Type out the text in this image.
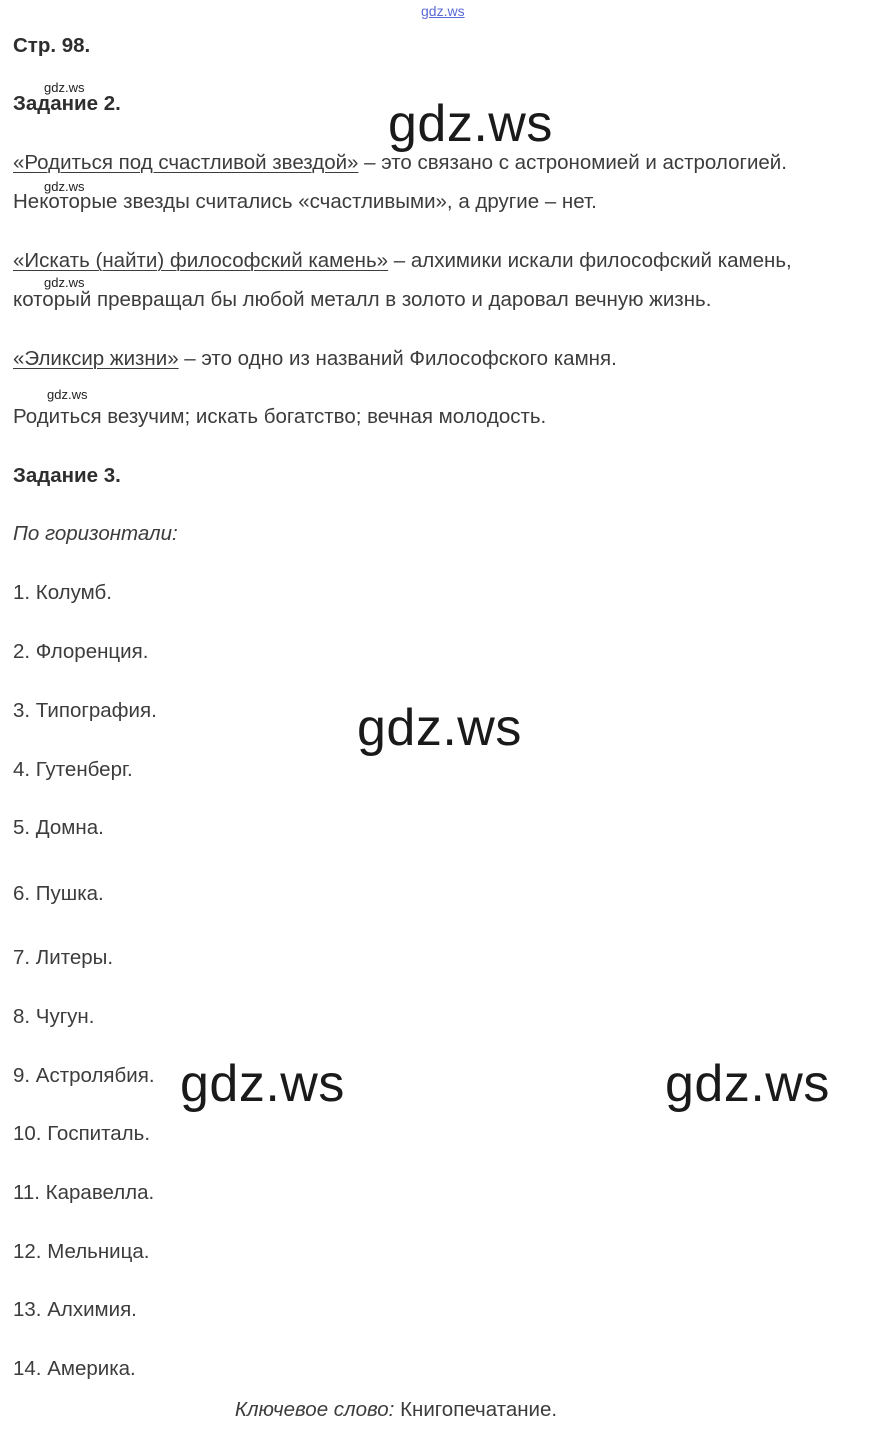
gdz.ws
Стр. 98.
gdz.ws
Задание 2.	gdz.ws
«Родиться под счастливой звездой» – это связано с астрономией и астрологией.
gdz.ws
Некоторые звезды считались «счастливыми», а другие – нет.
«Искать (найти) философский камень» – алхимики искали философский камень,
gdz.ws
который превращал бы любой металл в золото и даровал вечную жизнь.
«Эликсир жизни» – это одно из названий Философского камня.
gdz.ws
Родиться везучим; искать богатство; вечная молодость.
Задание 3.
По горизонтали:
1. Колумб.
2. Флоренция.
3. Типография.	gdz.ws
4. Гутенберг.
5. Домна.
6. Пушка.
7. Литеры.
8. Чугун.
9. Астролябия. gdz.ws	gdz.ws
10. Госпиталь.
11. Каравелла.
12. Мельница.
13. Алхимия.
14. Америка.
Ключевое слово: Книгопечатание.
